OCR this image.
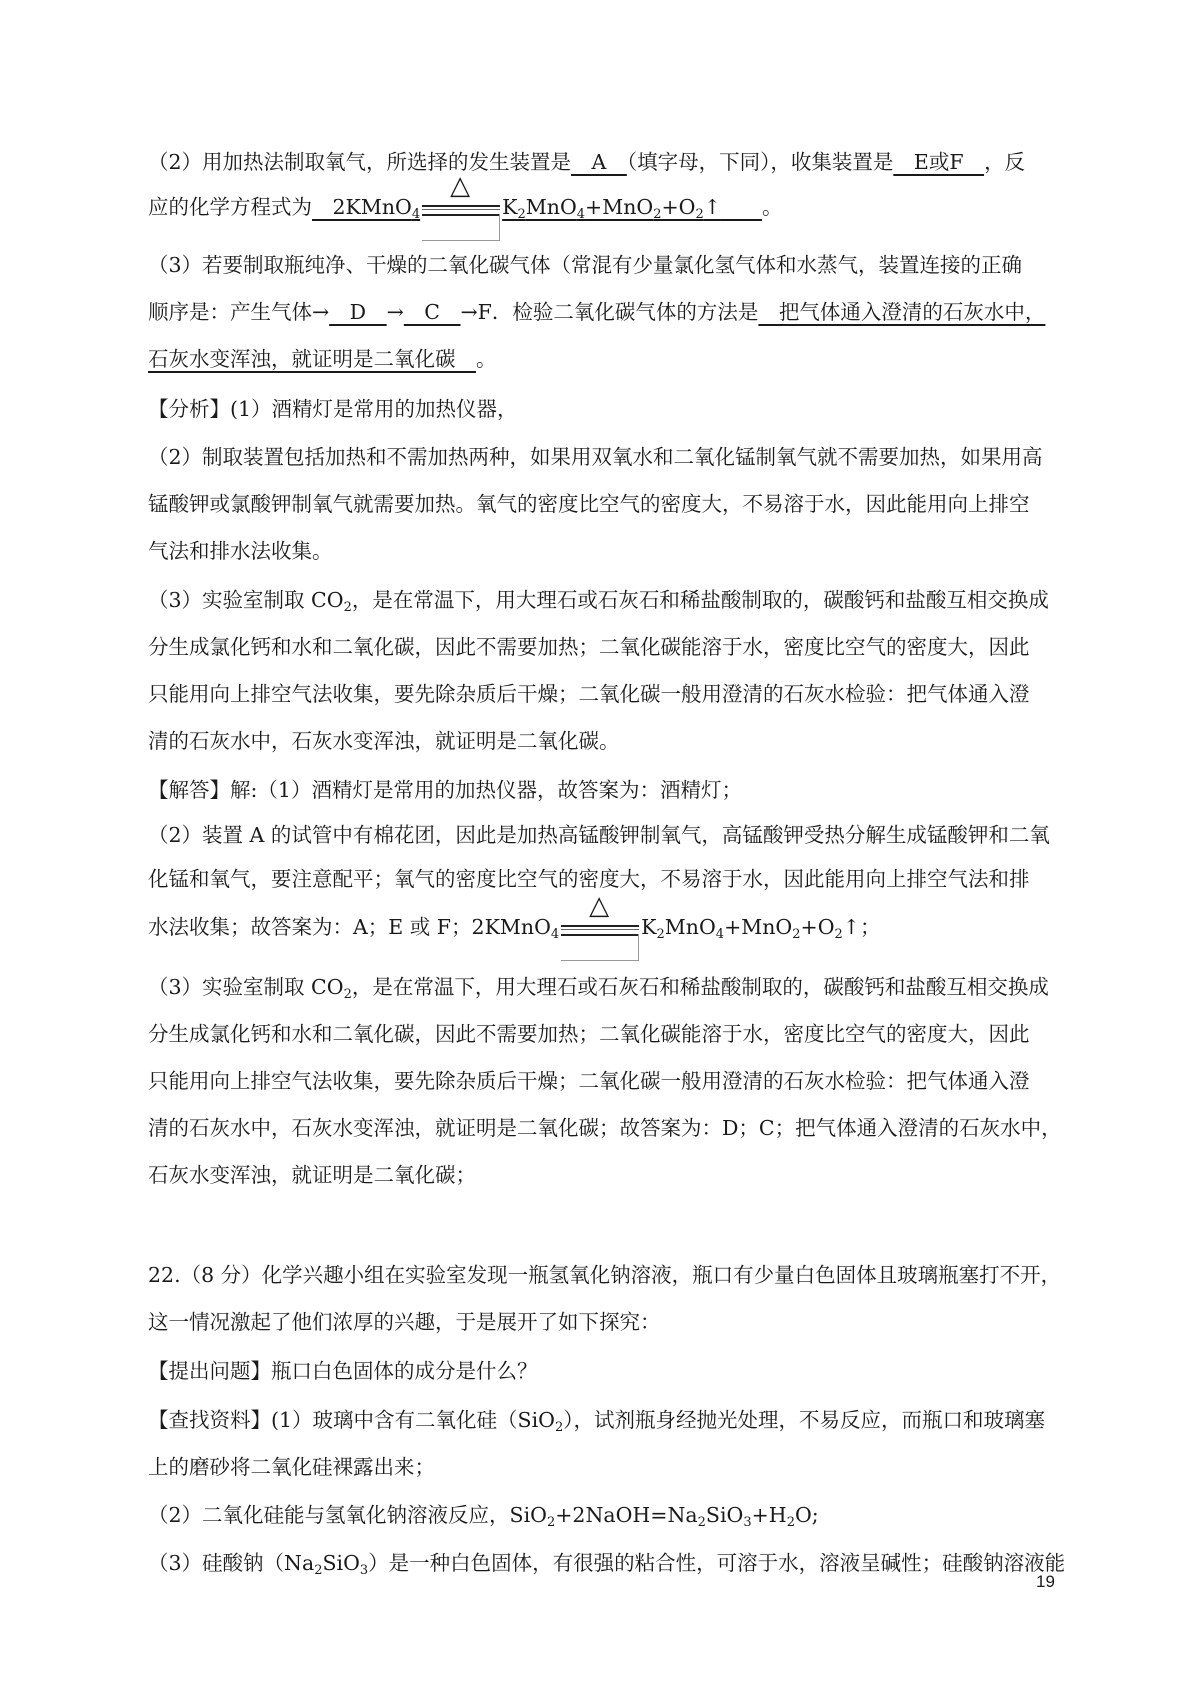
（2）用加热法制取氧气，所选择的发生装置是　A　（填字母，下同），收集装置是　E或F　，反
应的化学方程式为　2KMnO$_4$
△
$K_2MnO_4+MnO_2+O_2↑$　　 。
（3）若要制取瓶纯净、干燥的二氧化碳气体（常混有少量氯化氢气体和水蒸气，装置连接的正确
顺序是：产生气体→　D　→　C　→F．检验二氧化碳气体的方法是　把气体通入澄清的石灰水中，
石灰水变浑浊，就证明是二氧化碳　。
【分析】(1）酒精灯是常用的加热仪器，
（2）制取装置包括加热和不需加热两种，如果用双氧水和二氧化锰制氧气就不需要加热，如果用高
锰酸钾或氯酸钾制氧气就需要加热。氧气的密度比空气的密度大，不易溶于水，因此能用向上排空
气法和排水法收集。
（3）实验室制取 $CO_2$，是在常温下，用大理石或石灰石和稀盐酸制取的，碳酸钙和盐酸互相交换成
分生成氯化钙和水和二氧化碳，因此不需要加热；二氧化碳能溶于水，密度比空气的密度大，因此
只能用向上排空气法收集，要先除杂质后干燥；二氧化碳一般用澄清的石灰水检验：把气体通入澄
清的石灰水中，石灰水变浑浊，就证明是二氧化碳。
【解答】解:（1）酒精灯是常用的加热仪器，故答案为：酒精灯；
（2）装置 A 的试管中有棉花团，因此是加热高锰酸钾制氧气，高锰酸钾受热分解生成锰酸钾和二氧
化锰和氧气，要注意配平；氧气的密度比空气的密度大，不易溶于水，因此能用向上排空气法和排
水法收集；故答案为：A；E 或 F；2KMnO$_4$
△
$K_2MnO_4+MnO_2+O_2↑$；
（3）实验室制取 $CO_2$，是在常温下，用大理石或石灰石和稀盐酸制取的，碳酸钙和盐酸互相交换成
分生成氯化钙和水和二氧化碳，因此不需要加热；二氧化碳能溶于水，密度比空气的密度大，因此
只能用向上排空气法收集，要先除杂质后干燥；二氧化碳一般用澄清的石灰水检验：把气体通入澄
清的石灰水中，石灰水变浑浊，就证明是二氧化碳；故答案为：D；C；把气体通入澄清的石灰水中，
石灰水变浑浊，就证明是二氧化碳；
22.（8 分）化学兴趣小组在实验室发现一瓶氢氧化钠溶液，瓶口有少量白色固体且玻璃瓶塞打不开，
这一情况激起了他们浓厚的兴趣，于是展开了如下探究：
【提出问题】瓶口白色固体的成分是什么？
【查找资料】(1）玻璃中含有二氧化硅（SiO$_2$），试剂瓶身经抛光处理，不易反应，而瓶口和玻璃塞
上的磨砂将二氧化硅裸露出来；
（2）二氧化硅能与氢氧化钠溶液反应，$SiO_2+2NaOH=Na_2SiO_3+H_2O$;
（3）硅酸钠$(Na_2SiO_3)$是一种白色固体，有很强的粘合性，可溶于水，溶液呈碱性；硅酸钠溶液能
19
